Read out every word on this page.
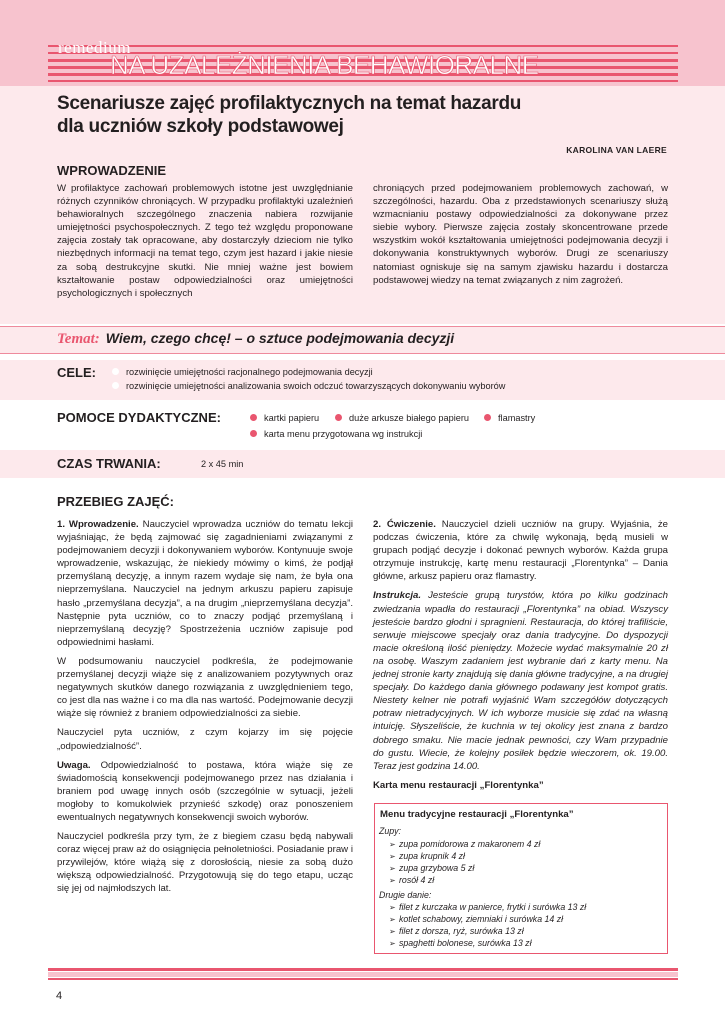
remedium
NA UZALEŻNIENIA BEHAWIORALNE
Scenariusze zajęć profilaktycznych na temat hazardu
dla uczniów szkoły podstawowej
KAROLINA VAN LAERE
WPROWADZENIE
W profilaktyce zachowań problemowych istotne jest uwzględnianie różnych czynników chroniących. W przypadku profilaktyki uzależnień behawioralnych szczególnego znaczenia nabiera rozwijanie umiejętności psychospołecznych. Z tego też względu proponowane zajęcia zostały tak opracowane, aby dostarczyły dzieciom nie tylko niezbędnych informacji na temat tego, czym jest hazard i jakie niesie za sobą destrukcyjne skutki. Nie mniej ważne jest bowiem kształtowanie postaw odpowiedzialności oraz umiejętności psychologicznych i społecznych
chroniących przed podejmowaniem problemowych zachowań, w szczególności, hazardu. Oba z przedstawionych scenariuszy służą wzmacnianiu postawy odpowiedzialności za dokonywane przez siebie wybory. Pierwsze zajęcia zostały skoncentrowane przede wszystkim wokół kształtowania umiejętności podejmowania decyzji i dokonywania konstruktywnych wyborów. Drugi ze scenariuszy natomiast ogniskuje się na samym zjawisku hazardu i dostarcza podstawowej wiedzy na temat związanych z nim zagrożeń.
Temat: Wiem, czego chcę! – o sztuce podejmowania decyzji
CELE:	rozwinięcie umiejętności racjonalnego podejmowania decyzji
rozwinięcie umiejętności analizowania swoich odczuć towarzyszących dokonywaniu wyborów
POMOCE DYDAKTYCZNE:	kartki papieru	duże arkusze białego papieru	flamastry
karta menu przygotowana wg instrukcji
CZAS TRWANIA:	2 x 45 min
PRZEBIEG ZAJĘĆ:
1. Wprowadzenie. Nauczyciel wprowadza uczniów do tematu lekcji wyjaśniając, że będą zajmować się zagadnieniami związanymi z podejmowaniem decyzji i dokonywaniem wyborów. Kontynuuje swoje wprowadzenie, wskazując, że niekiedy mówimy o kimś, że podjął przemyślaną decyzję, a innym razem wydaje się nam, że była ona nieprzemyślana. Nauczyciel na jednym arkuszu papieru zapisuje hasło „przemyślana decyzja”, a na drugim „nieprzemyślana decyzja”. Następnie pyta uczniów, co to znaczy podjąć przemyślaną i nieprzemyślaną decyzję? Spostrzeżenia uczniów zapisuje pod odpowiednimi hasłami.
W podsumowaniu nauczyciel podkreśla, że podejmowanie przemyślanej decyzji wiąże się z analizowaniem pozytywnych oraz negatywnych skutków danego rozwiązania z uwzględnieniem tego, co jest dla nas ważne i co ma dla nas wartość. Podejmowanie decyzji wiąże się również z braniem odpowiedzialności za siebie.
Nauczyciel pyta uczniów, z czym kojarzy im się pojęcie „odpowiedzialność”.
Uwaga. Odpowiedzialność to postawa, która wiąże się ze świadomością konsekwencji podejmowanego przez nas działania i braniem pod uwagę innych osób (szczególnie w sytuacji, jeżeli mogłoby to komukolwiek przynieść szkodę) oraz ponoszeniem ewentualnych negatywnych konsekwencji swoich wyborów.
Nauczyciel podkreśla przy tym, że z biegiem czasu będą nabywali coraz więcej praw aż do osiągnięcia pełnoletniości. Posiadanie praw i przywilejów, które wiążą się z dorosłością, niesie za sobą dużo większą odpowiedzialność. Przygotowują się do tego etapu, ucząc się jej od najmłodszych lat.
2. Ćwiczenie. Nauczyciel dzieli uczniów na grupy. Wyjaśnia, że podczas ćwiczenia, które za chwilę wykonają, będą musieli w grupach podjąć decyzje i dokonać pewnych wyborów. Każda grupa otrzymuje instrukcję, kartę menu restauracji „Florentynka” – Dania główne, arkusz papieru oraz flamastry.
Instrukcja. Jesteście grupą turystów, która po kilku godzinach zwiedzania wpadła do restauracji „Florentynka” na obiad. Wszyscy jesteście bardzo głodni i spragnieni. Restauracja, do której trafiliście, serwuje miejscowe specjały oraz dania tradycyjne. Do dyspozycji macie określoną ilość pieniędzy. Możecie wydać maksymalnie 20 zł na osobę. Waszym zadaniem jest wybranie dań z karty menu. Na jednej stronie karty znajdują się dania główne tradycyjne, a na drugiej specjały. Do każdego dania głównego podawany jest kompot gratis. Niestety kelner nie potrafi wyjaśnić Wam szczegółów dotyczących potraw nietradycyjnych. W ich wyborze musicie się zdać na własną intuicję. Słyszeliście, że kuchnia w tej okolicy jest znana z bardzo dobrego smaku. Nie macie jednak pewności, czy Wam przypadnie do gustu. Wiecie, że kolejny posiłek będzie wieczorem, ok. 19.00. Teraz jest godzina 14.00.
Karta menu restauracji „Florentynka”
Menu tradycyjne restauracji „Florentynka”
Zupy:
➢ zupa pomidorowa z makaronem 4 zł
➢ zupa krupnik 4 zł
➢ zupa grzybowa 5 zł
➢ rosół 4 zł
Drugie danie:
➢ filet z kurczaka w panierce, frytki i surówka 13 zł
➢ kotlet schabowy, ziemniaki i surówka 14 zł
➢ filet z dorsza, ryż, surówka 13 zł
➢ spaghetti bolonese, surówka 13 zł
4
